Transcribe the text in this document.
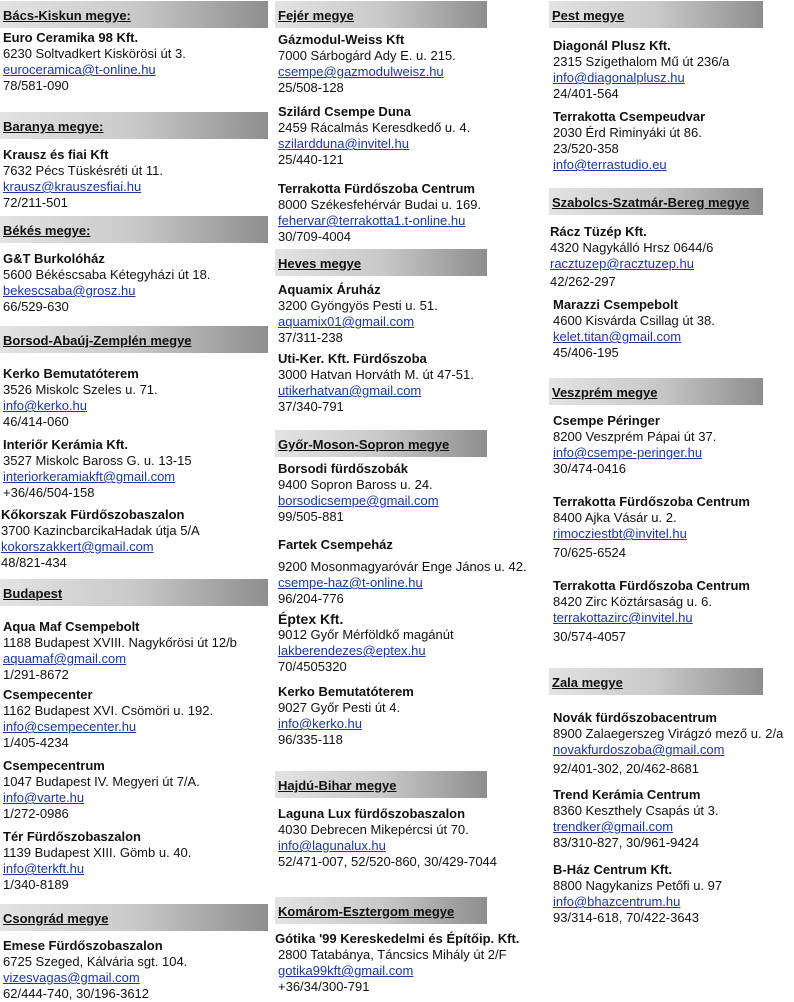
Bács-Kiskun megye:
Euro Ceramika 98 Kft.
6230 Soltvadkert Kiskörösi út 3.
euroceramica@t-online.hu
78/581-090
Baranya megye:
Krausz és fiai Kft
7632 Pécs Tüskésréti út 11.
krausz@krauszesfiai.hu
72/211-501
Békés megye:
G&T Burkolóház
5600 Békéscsaba Kétegyházi út 18.
bekescsaba@grosz.hu
66/529-630
Borsod-Abaúj-Zemplén megye
Kerko Bemutatóterem
3526 Miskolc Szeles u. 71.
info@kerko.hu
46/414-060
Interiőr Kerámia Kft.
3527 Miskolc Baross G. u. 13-15
interiorkeramiakft@gmail.com
+36/46/504-158
Kőkorszak Fürdőszobaszalon
3700 KazincbarcikaHadak útja 5/A
kokorszakkert@gmail.com
48/821-434
Budapest
Aqua Maf Csempebolt
1188 Budapest XVIII. Nagykőrösi út 12/b
aquamaf@gmail.com
1/291-8672
Csempecenter
1162 Budapest XVI. Csömöri u. 192.
info@csempecenter.hu
1/405-4234
Csempecentrum
1047 Budapest IV. Megyeri út 7/A.
info@varte.hu
1/272-0986
Tér Fürdőszobaszalon
1139 Budapest XIII. Gömb u. 40.
info@terkft.hu
1/340-8189
Csongrád megye
Emese Fürdőszobaszalon
6725 Szeged, Kálvária sgt. 104.
vizesvagas@gmail.com
62/444-740, 30/196-3612
Fejér megye
Gázmodul-Weiss Kft
7000 Sárbogárd Ady E. u. 215.
csempe@gazmodulweisz.hu
25/508-128
Szilárd Csempe Duna
2459 Rácalmás Keresdkedő u. 4.
szilardduna@invitel.hu
25/440-121
Terrakotta Fürdőszoba Centrum
8000 Székesfehérvár Budai u. 169.
fehervar@terrakotta1.t-online.hu
30/709-4004
Heves megye
Aquamix Áruház
3200 Gyöngyös Pesti u. 51.
aquamix01@gmail.com
37/311-238
Uti-Ker. Kft. Fürdőszoba
3000 Hatvan Horváth M. út 47-51.
utikerhatvan@gmail.com
37/340-791
Győr-Moson-Sopron megye
Borsodi fürdőszobák
9400 Sopron Baross u. 24.
borsodicsempe@gmail.com
99/505-881
Fartek Csempeház
9200 Mosonmagyaróvár Enge János u. 42.
csempe-haz@t-online.hu
96/204-776
Éptex Kft.
9012 Győr Mérföldkő magánút
lakberendezes@eptex.hu
70/4505320
Kerko Bemutatóterem
9027 Győr Pesti út 4.
info@kerko.hu
96/335-118
Hajdú-Bihar megye
Laguna Lux fürdőszobaszalon
4030 Debrecen Mikepércsi út 70.
info@lagunalux.hu
52/471-007, 52/520-860, 30/429-7044
Komárom-Esztergom megye
Gótika '99 Kereskedelmi és Építőip. Kft.
2800 Tatabánya, Táncsics Mihály út 2/F
gotika99kft@gmail.com
+36/34/300-791
Pest megye
Diagonál Plusz Kft.
2315 Szigethalom Mű út 236/a
info@diagonalplusz.hu
24/401-564
Terrakotta Csempeudvar
2030 Érd Riminyáki út 86.
23/520-358
info@terrastudio.eu
Szabolcs-Szatmár-Bereg megye
Rácz Tüzép Kft.
4320 Nagykálló Hrsz 0644/6
racztuzep@racztuzep.hu
42/262-297
Marazzi Csempebolt
4600 Kisvárda Csillag út 38.
kelet.titan@gmail.com
45/406-195
Veszprém megye
Csempe Péringer
8200 Veszprém Pápai út 37.
info@csempe-peringer.hu
30/474-0416
Terrakotta Fürdőszoba Centrum
8400 Ajka Vásár u. 2.
rimocziestbt@invitel.hu
70/625-6524
Terrakotta Fürdőszoba Centrum
8420 Zirc Köztársaság u. 6.
terrakottazirc@invitel.hu
30/574-4057
Zala megye
Novák fürdőszobacentrum
8900 Zalaegerszeg Virágzó mező u. 2/a
novakfurdoszoba@gmail.com
92/401-302, 20/462-8681
Trend Kerámia Centrum
8360 Keszthely Csapás út 3.
trendker@gmail.com
83/310-827, 30/961-9424
B-Ház Centrum Kft.
8800 Nagykanizs Petőfi u. 97
info@bhazcentrum.hu
93/314-618, 70/422-3643
